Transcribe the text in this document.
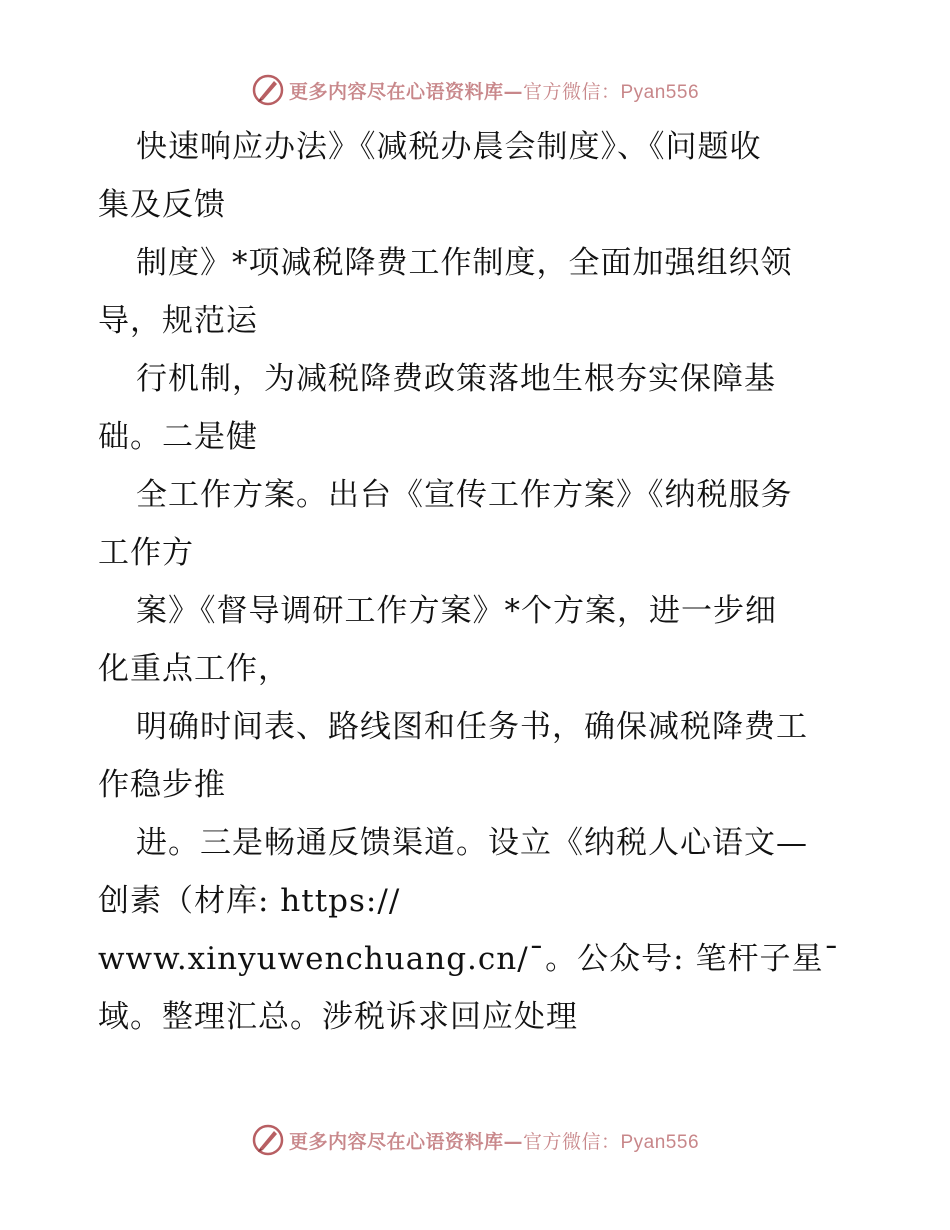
更多内容尽在心语资料库—官方微信：Pyan556
快速响应办法》《减税办晨会制度》、《问题收
集及反馈
制度》*项减税降费工作制度，全面加强组织领
导，规范运
行机制，为减税降费政策落地生根夯实保障基
础。二是健
全工作方案。出台《宣传工作方案》《纳税服务
工作方
案》《督导调研工作方案》*个方案，进一步细
化重点工作，
明确时间表、路线图和任务书，确保减税降费工
作稳步推
进。三是畅通反馈渠道。设立《纳税人心语文—
创素（材库: https://
www.xinyuwenchuang.cn/¯。公众号: 笔杆子星¯
域。整理汇总。涉税诉求回应处理
更多内容尽在心语资料库—官方微信：Pyan556
